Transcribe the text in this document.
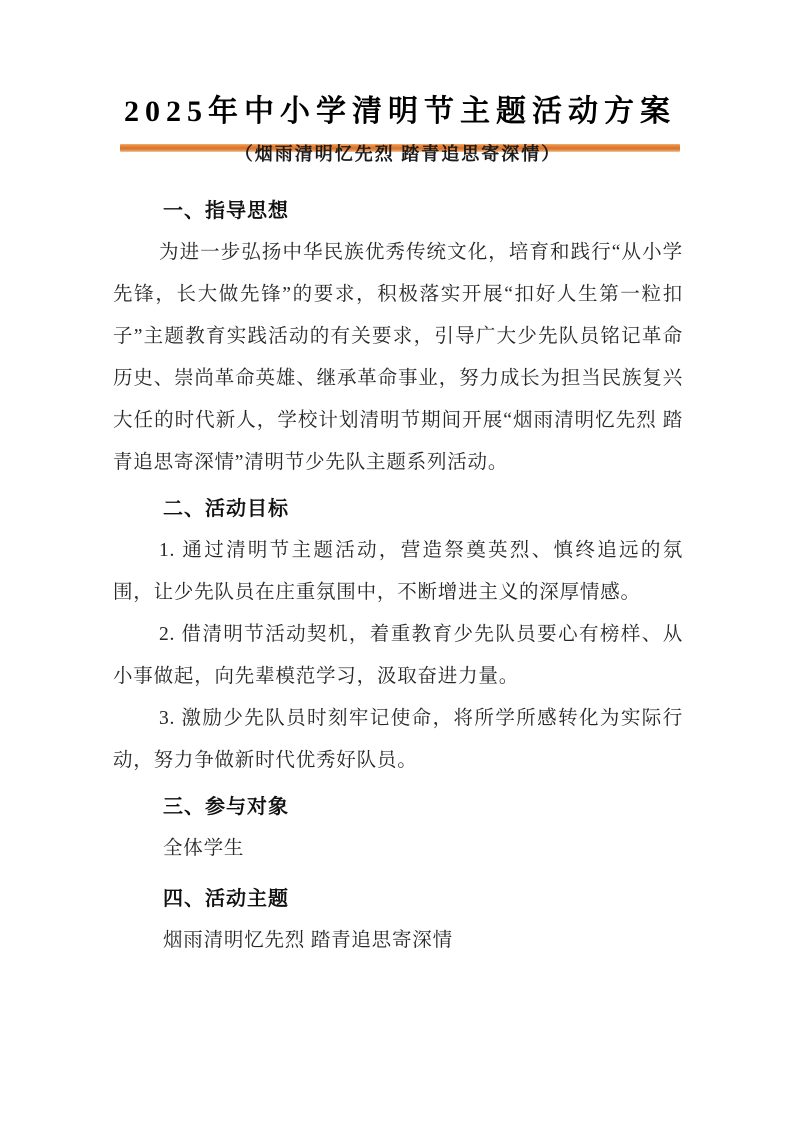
2025年中小学清明节主题活动方案
（烟雨清明忆先烈 踏青追思寄深情）
一、指导思想

为进一步弘扬中华民族优秀传统文化，培育和践行“从小学先锋，长大做先锋”的要求，积极落实开展“扣好人生第一粒扣子”主题教育实践活动的有关要求，引导广大少先队员铭记革命历史、崇尚革命英雄、继承革命事业，努力成长为担当民族复兴大任的时代新人，学校计划清明节期间开展“烟雨清明忆先烈 踏青追思寄深情”清明节少先队主题系列活动。

二、活动目标

1. 通过清明节主题活动，营造祭奠英烈、慎终追远的氛围，让少先队员在庄重氛围中，不断增进主义的深厚情感。

2. 借清明节活动契机，着重教育少先队员要心有榜样、从小事做起，向先辈模范学习，汲取奋进力量。

3. 激励少先队员时刻牢记使命，将所学所感转化为实际行动，努力争做新时代优秀好队员。

三、参与对象

全体学生

四、活动主题

烟雨清明忆先烈 踏青追思寄深情
